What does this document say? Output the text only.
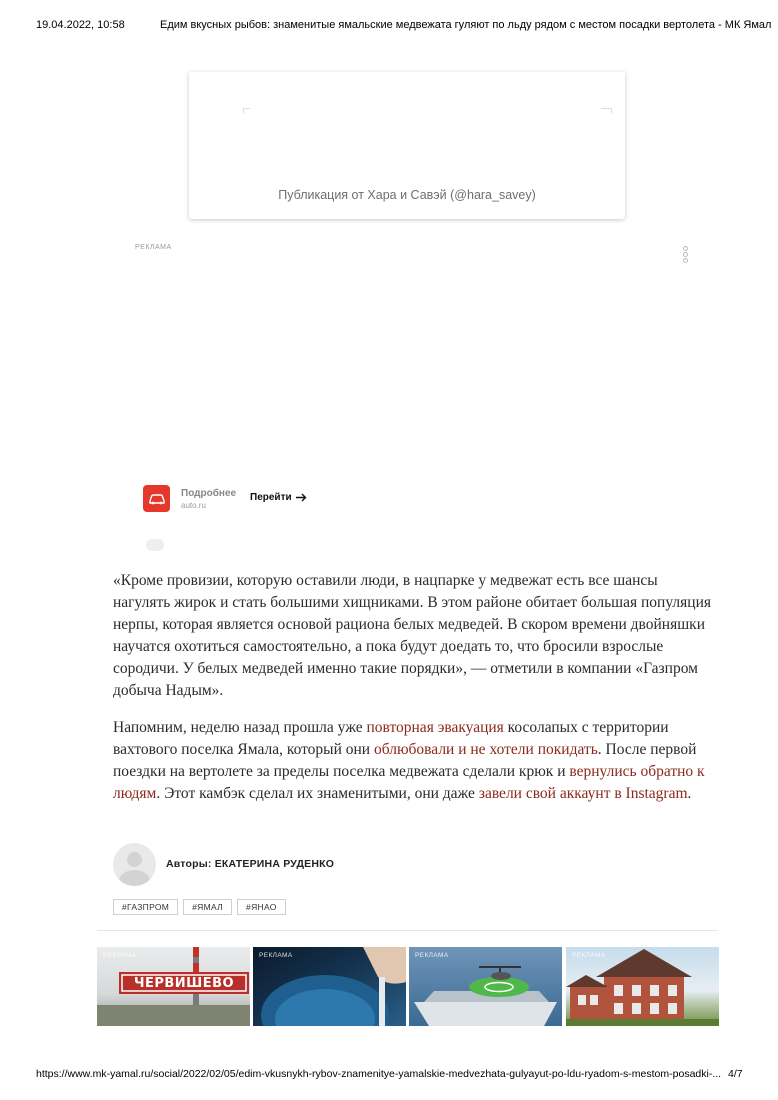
19.04.2022, 10:58	Едим вкусных рыбов: знаменитые ямальские медвежата гуляют по льду рядом с местом посадки вертолета - МК Ямал
Публикация от Хара и Савэй (@hara_savey)
РЕКЛАМА
Подробнее
auto.ru
Перейти

«Кроме провизии, которую оставили люди, в нацпарке у медвежат есть все шансы нагулять жирок и стать большими хищниками. В этом районе обитает большая популяция нерпы, которая является основой рациона белых медведей. В скором времени двойняшки научатся охотиться самостоятельно, а пока будут доедать то, что бросили взрослые сородичи. У белых медведей именно такие порядки», — отметили в компании «Газпром добыча Надым».

Напомним, неделю назад прошла уже повторная эвакуация косолапых с территории вахтового поселка Ямала, который они облюбовали и не хотели покидать. После первой поездки на вертолете за пределы поселка медвежата сделали крюк и вернулись обратно к людям. Этот камбэк сделал их знаменитыми, они даже завели свой аккаунт в Instagram.

Авторы: ЕКАТЕРИНА РУДЕНКО
#ГАЗПРОМ	#ЯМАЛ	#ЯНАО
РЕКЛАМА
ЧЕРВИШЕВО
РЕКЛАМА	РЕКЛАМА	РЕКЛАМА
https://www.mk-yamal.ru/social/2022/02/05/edim-vkusnykh-rybov-znamenitye-yamalskie-medvezhata-gulyayut-po-ldu-ryadom-s-mestom-posadki-... 4/7
